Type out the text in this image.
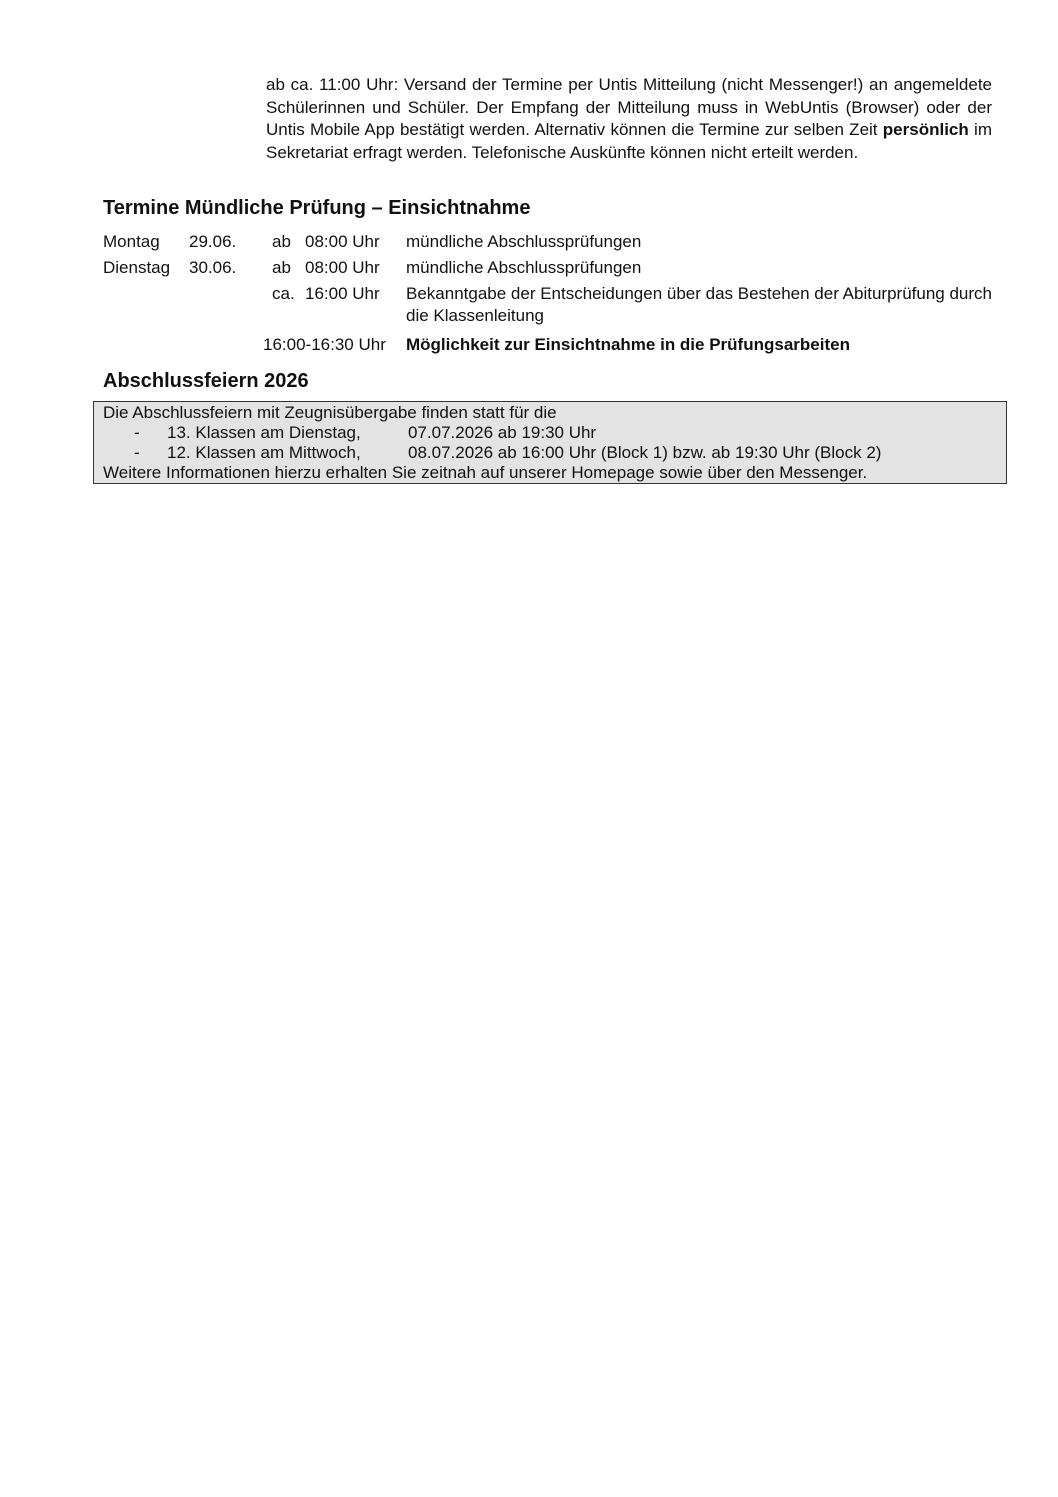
ab ca. 11:00 Uhr: Versand der Termine per Untis Mitteilung (nicht Messenger!) an angemeldete Schülerinnen und Schüler. Der Empfang der Mitteilung muss in WebUntis (Browser) oder der Untis Mobile App bestätigt werden. Alternativ können die Termine zur selben Zeit persönlich im Sekretariat erfragt werden. Telefonische Auskünfte können nicht erteilt werden.
Termine Mündliche Prüfung – Einsichtnahme
Montag 29.06. ab 08:00 Uhr mündliche Abschlussprüfungen
Dienstag 30.06. ab 08:00 Uhr mündliche Abschlussprüfungen
ca. 16:00 Uhr Bekanntgabe der Entscheidungen über das Bestehen der Abiturprüfung durch die Klassenleitung
16:00-16:30 Uhr Möglichkeit zur Einsichtnahme in die Prüfungsarbeiten
Abschlussfeiern 2026
Die Abschlussfeiern mit Zeugnisübergabe finden statt für die
- 13. Klassen am Dienstag,	07.07.2026 ab 19:30 Uhr
- 12. Klassen am Mittwoch,	08.07.2026 ab 16:00 Uhr (Block 1) bzw. ab 19:30 Uhr (Block 2)
Weitere Informationen hierzu erhalten Sie zeitnah auf unserer Homepage sowie über den Messenger.
